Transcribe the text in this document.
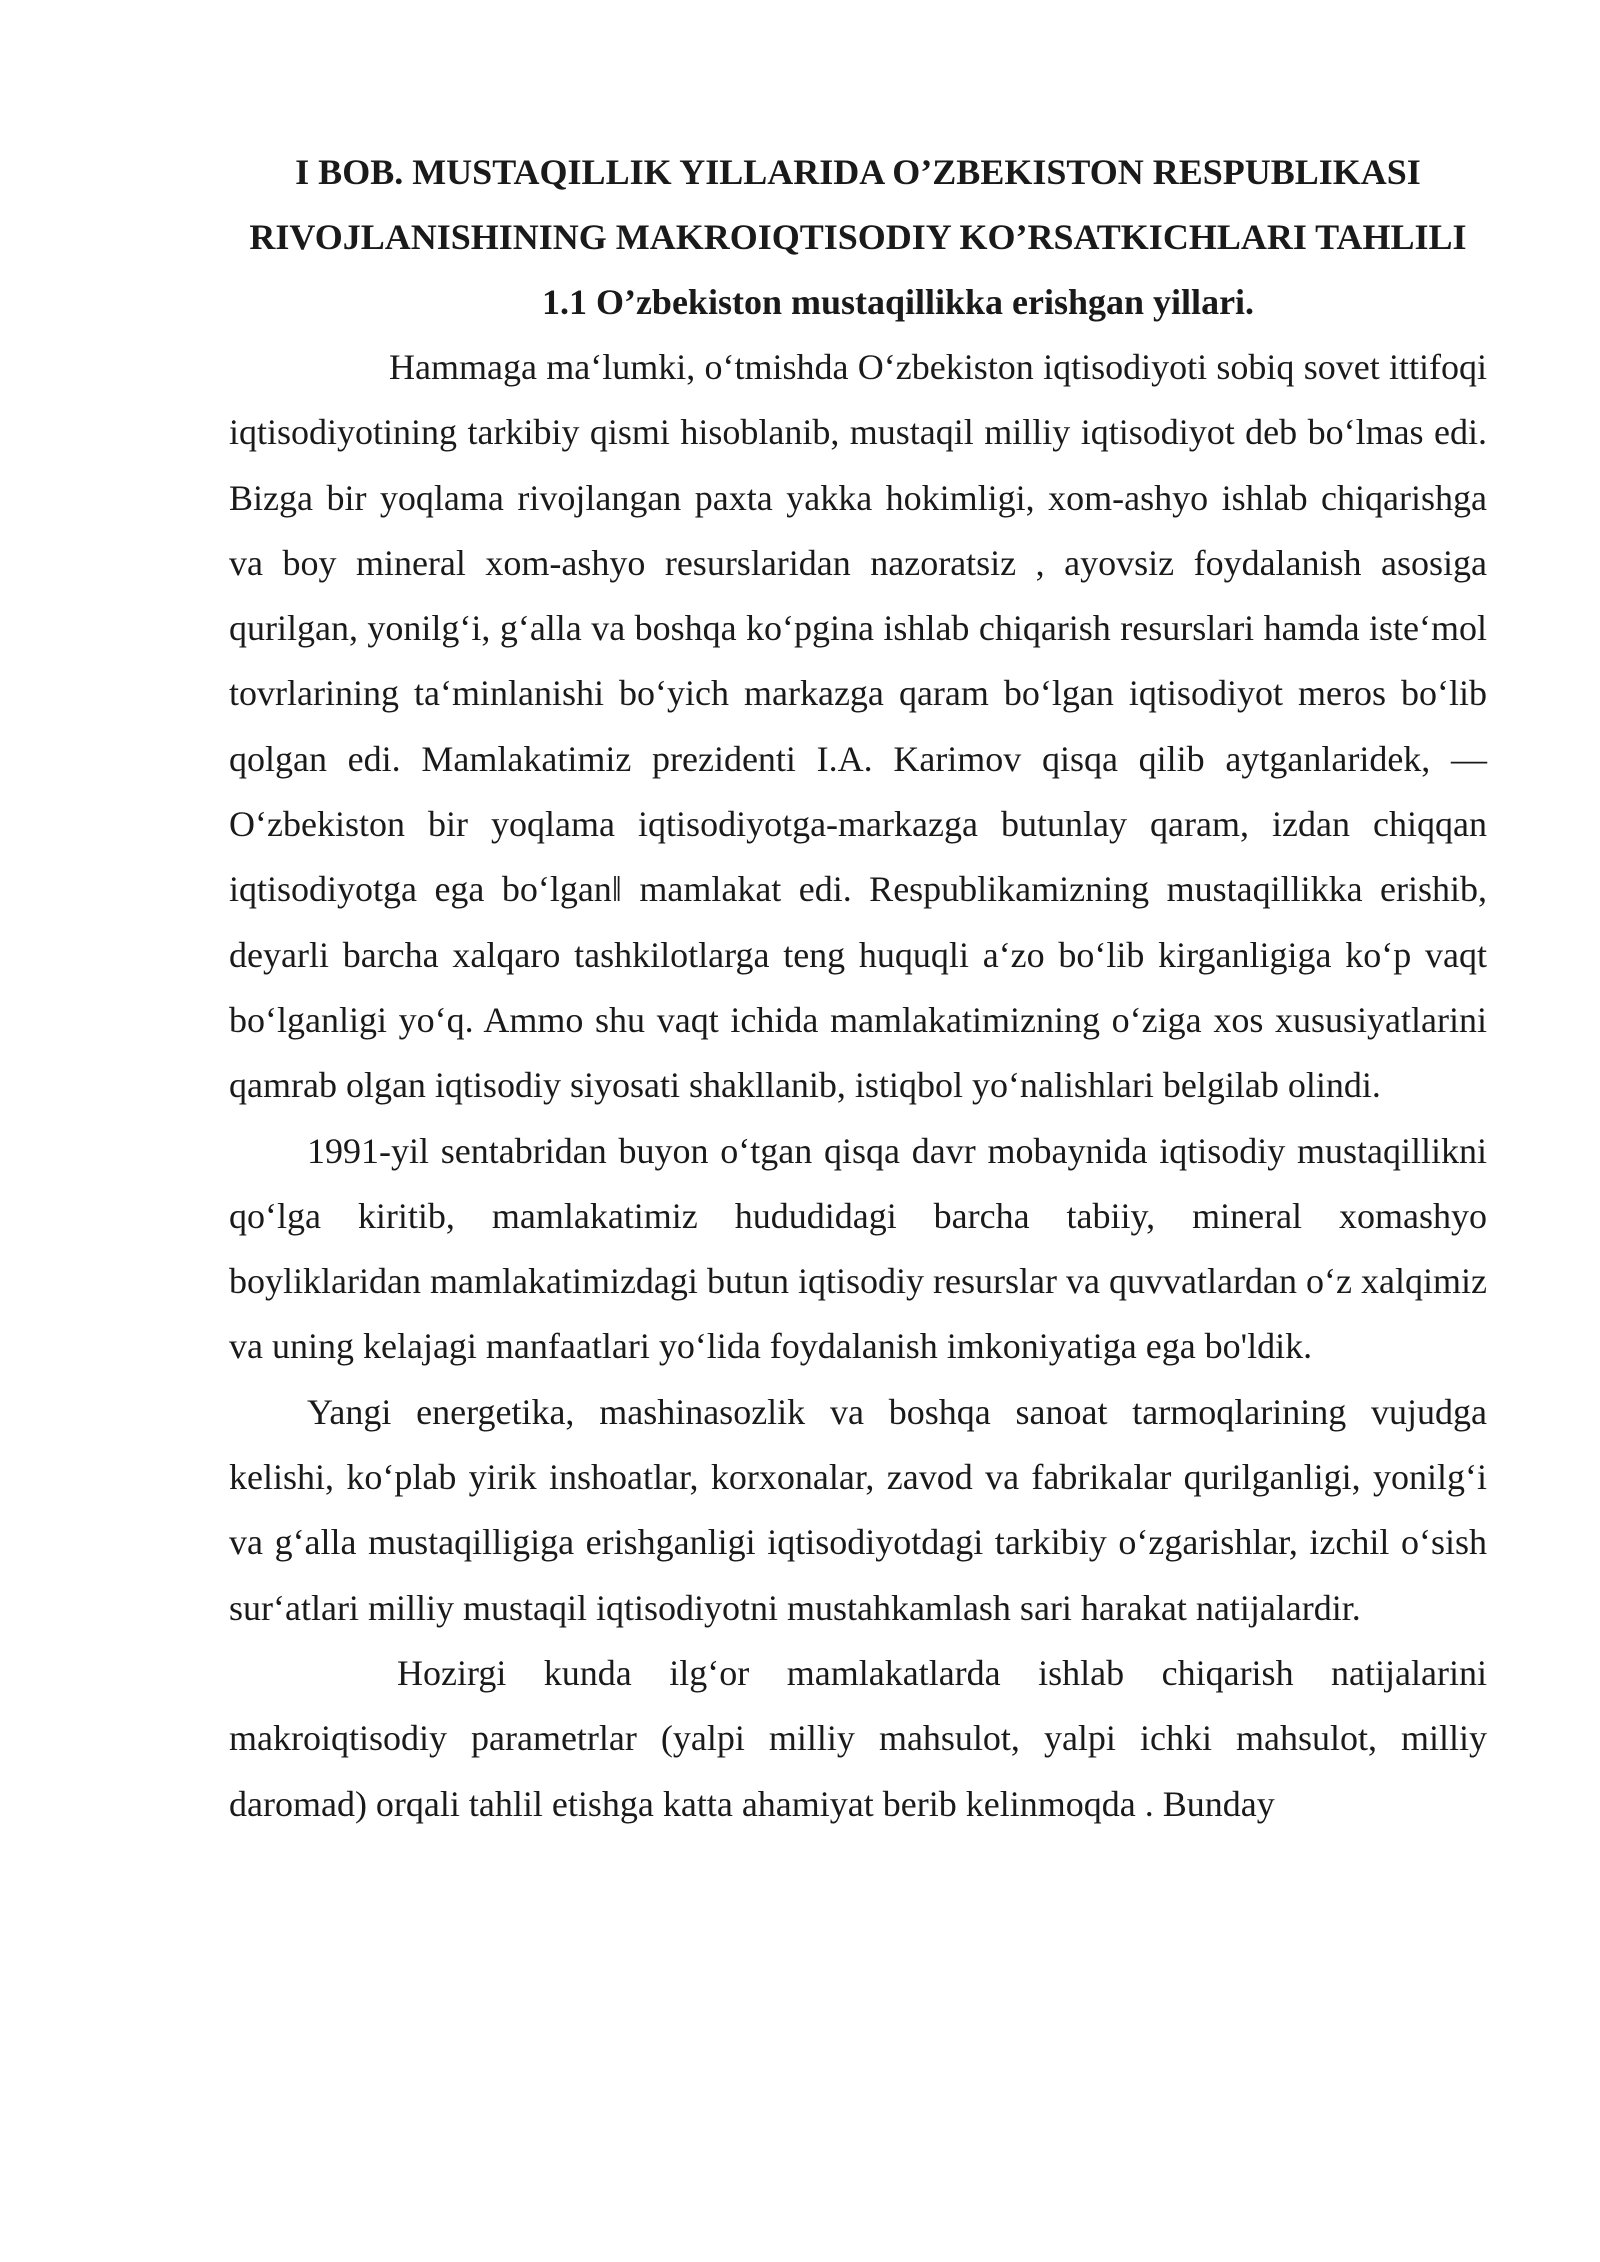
I BOB. MUSTAQILLIK YILLARIDA O’ZBEKISTON RESPUBLIKASI RIVOJLANISHINING MAKROIQTISODIY KO’RSATKICHLARI TAHLILI

1.1 O’zbekiston mustaqillikka erishgan yillari.

Hammaga ma‘lumki, o‘tmishda O‘zbekiston iqtisodiyoti sobiq sovet ittifoqi iqtisodiyotining tarkibiy qismi hisoblanib, mustaqil milliy iqtisodiyot deb bo‘lmas edi. Bizga bir yoqlama rivojlangan paxta yakka hokimligi, xom-ashyo ishlab chiqarishga va boy mineral xom-ashyo resurslaridan nazoratsiz , ayovsiz foydalanish asosiga qurilgan, yonilg‘i, g‘alla va boshqa ko‘pgina ishlab chiqarish resurslari hamda iste‘mol tovrlarining ta‘minlanishi bo‘yich markazga qaram bo‘lgan iqtisodiyot meros bo‘lib qolgan edi. Mamlakatimiz prezidenti I.A. Karimov qisqa qilib aytganlaridek, ― O‘zbekiston bir yoqlama iqtisodiyotga-markazga butunlay qaram, izdan chiqqan iqtisodiyotga ega bo‘lgan‖ mamlakat edi. Respublikamizning mustaqillikka erishib, deyarli barcha xalqaro tashkilotlarga teng huquqli a‘zo bo‘lib kirganligiga ko‘p vaqt bo‘lganligi yo‘q. Ammo shu vaqt ichida mamlakatimizning o‘ziga xos xususiyatlarini qamrab olgan iqtisodiy siyosati shakllanib, istiqbol yo‘nalishlari belgilab olindi.

1991-yil sentabridan buyon o‘tgan qisqa davr mobaynida iqtisodiy mustaqillikni qo‘lga kiritib, mamlakatimiz hududidagi barcha tabiiy, mineral xomashyo boyliklaridan mamlakatimizdagi butun iqtisodiy resurslar va quvvatlardan o‘z xalqimiz va uning kelajagi manfaatlari yo‘lida foydalanish imkoniyatiga ega bo'ldik.

Yangi energetika, mashinasozlik va boshqa sanoat tarmoqlarining vujudga kelishi, ko‘plab yirik inshoatlar, korxonalar, zavod va fabrikalar qurilganligi, yonilg‘i va g‘alla mustaqilligiga erishganligi iqtisodiyotdagi tarkibiy o‘zgarishlar, izchil o‘sish sur‘atlari milliy mustaqil iqtisodiyotni mustahkamlash sari harakat natijalardir.

Hozirgi kunda ilg‘or mamlakatlarda ishlab chiqarish natijalarini makroiqtisodiy parametrlar (yalpi milliy mahsulot, yalpi ichki mahsulot, milliy daromad) orqali tahlil etishga katta ahamiyat berib kelinmoqda . Bunday
